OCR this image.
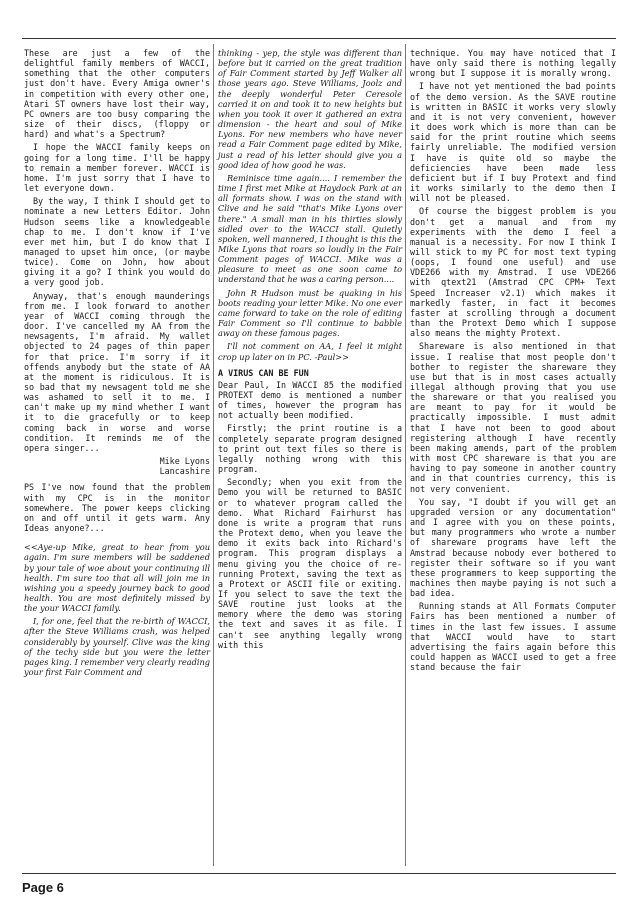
These are just a few of the delightful family members of WACCI, something that the other computers just don't have. Every Amiga owner's in competition with every other one, Atari ST owners have lost their way, PC owners are too busy comparing the size of their discs, (floppy or hard) and what's a Spectrum?

I hope the WACCI family keeps on going for a long time. I'll be happy to remain a member forever. WACCI is home. I'm just sorry that I have to let everyone down.

By the way, I think I should get to nominate a new Letters Editor. John Hudson seems like a knowledgeable chap to me. I don't know if I've ever met him, but I do know that I managed to upset him once, (or maybe twice). Come on John, how about giving it a go? I think you would do a very good job.

Anyway, that's enough maunderings from me. I look forward to another year of WACCI coming through the door. I've cancelled my AA from the newsagents, I'm afraid. My wallet objected to 24 pages of thin paper for that price. I'm sorry if it offends anybody but the state of AA at the moment is ridiculous. It is so bad that my newsagent told me she was ashamed to sell it to me. I can't make up my mind whether I want it to die gracefully or to keep coming back in worse and worse condition. It reminds me of the opera singer...

Mike Lyons

Lancashire

PS I've now found that the problem with my CPC is in the monitor somewhere. The power keeps clicking on and off until it gets warm. Any Ideas anyone?...

<<Aye-up Mike, great to hear from you again. I'm sure members will be saddened by your tale of woe about your continuing ill health. I'm sure too that all will join me in wishing you a speedy journey back to good health. You are most definitely missed by the your WACCI family.

I, for one, feel that the re-birth of WACCI, after the Steve Williams crash, was helped considerably by yourself. Clive was the king of the techy side but you were the letter pages king. I remember very clearly reading your first Fair Comment and

thinking - yep, the style was different than before but it carried on the great tradition of Fair Comment started by Jeff Walker all those years ago. Steve Williams, Joolz and the deeply wonderful Peter Ceresole carried it on and took it to new heights but when you took it over it gathered an extra dimension - the heart and soul of Mike Lyons. For new members who have never read a Fair Comment page edited by Mike, just a read of his letter should give you a good idea of how good he was.

Reminisce time again.... I remember the time I first met Mike at Haydock Park at an all formats show. I was on the stand with Clive and he said "that's Mike Lyons over there." A small man in his thirties slowly sidled over to the WACCI stall. Quietly spoken, well mannered, I thought is this the Mike Lyons that roars so loudly in the Fair Comment pages of WACCI. Mike was a pleasure to meet as one soon came to understand that he was a caring person....

John R Hudson must be quaking in his boots reading your letter Mike. No one ever came forward to take on the role of editing Fair Comment so I'll continue to babble away on these famous pages.

I'll not comment on AA, I feel it might crop up later on in PC. -Paul>>

A VIRUS CAN BE FUN

Dear Paul, In WACCI 85 the modified PROTEXT demo is mentioned a number of times, however the program has not actually been modified.

Firstly; the print routine is a completely separate program designed to print out text files so there is legally nothing wrong with this program.

Secondly; when you exit from the Demo you will be returned to BASIC or to whatever program called the demo. What Richard Fairhurst has done is write a program that runs the Protext demo, when you leave the demo it exits back into Richard's program. This program displays a menu giving you the choice of re-running Protext, saving the text as a Protext or ASCII file or exiting. If you select to save the text the SAVE routine just looks at the memory where the demo was storing the text and saves it as file. I can't see anything legally wrong with this

technique. You may have noticed that I have only said there is nothing legally wrong but I suppose it is morally wrong.

I have not yet mentioned the bad points of the demo version. As the SAVE routine is written in BASIC it works very slowly and it is not very convenient, however it does work which is more than can be said for the print routine which seems fairly unreliable. The modified version I have is quite old so maybe the deficiencies have been made less deficient but if I buy Protext and find it works similarly to the demo then I will not be pleased.

Of course the biggest problem is you don't get a manual and from my experiments with the demo I feel a manual is a necessity. For now I think I will stick to my PC for most text typing (oops, I found one useful) and use VDE266 with my Amstrad. I use VDE266 with qtext21 (Amstrad CPC CPM+ Text Speed Increaser v2.1) which makes it markedly faster, in fact it becomes faster at scrolling through a document than the Protext Demo which I suppose also means the mighty Protext.

Shareware is also mentioned in that issue. I realise that most people don't bother to register the shareware they use but that is in most cases actually illegal although proving that you use the shareware or that you realised you are meant to pay for it would be practically impossible. I must admit that I have not been to good about registering although I have recently been making amends, part of the problem with most CPC shareware is that you are having to pay someone in another country and in that countries currency, this is not very convenient.

You say, "I doubt if you will get an upgraded version or any documentation" and I agree with you on these points, but many programmers who wrote a number of shareware programs have left the Amstrad because nobody ever bothered to register their software so if you want these programmers to keep supporting the machines then maybe paying is not such a bad idea.

Running stands at All Formats Computer Fairs has been mentioned a number of times in the last few issues. I assume that WACCI would have to start advertising the fairs again before this could happen as WACCI used to get a free stand because the fair

Page 6
